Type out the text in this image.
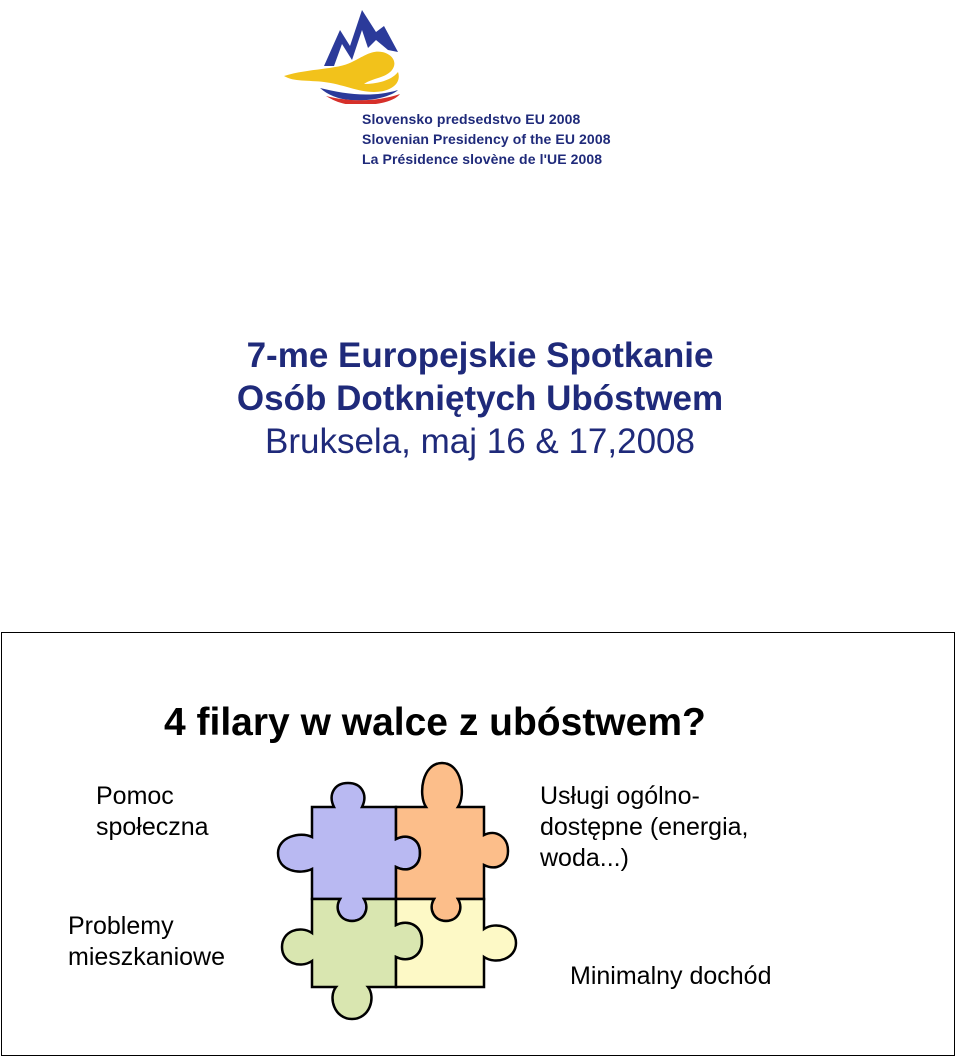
Slovensko predsedstvo EU 2008
Slovenian Presidency of the EU 2008
La Présidence slovène de l'UE 2008
7-me Europejskie Spotkanie
Osób Dotkniętych Ubóstwem
Bruksela, maj 16 & 17,2008
4 filary w walce z ubóstwem?
Pomoc
społeczna
Problemy
mieszkaniowe
Usługi ogólno-
dostępne (energia,
woda...)
Minimalny dochód
